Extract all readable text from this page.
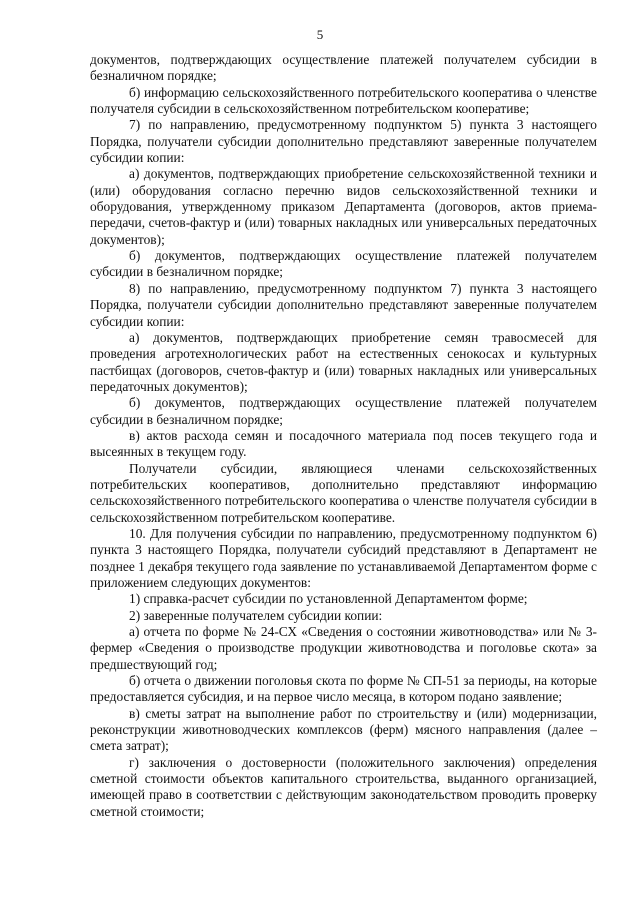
5

документов, подтверждающих осуществление платежей получателем субсидии в безналичном порядке;

б) информацию сельскохозяйственного потребительского кооператива о членстве получателя субсидии в сельскохозяйственном потребительском кооперативе;

7) по направлению, предусмотренному подпунктом 5) пункта 3 настоящего Порядка, получатели субсидии дополнительно представляют заверенные получателем субсидии копии:

а) документов, подтверждающих приобретение сельскохозяйственной техники и (или) оборудования согласно перечню видов сельскохозяйственной техники и оборудования, утвержденному приказом Департамента (договоров, актов приема-передачи, счетов-фактур и (или) товарных накладных или универсальных передаточных документов);

б) документов, подтверждающих осуществление платежей получателем субсидии в безналичном порядке;

8) по направлению, предусмотренному подпунктом 7) пункта 3 настоящего Порядка, получатели субсидии дополнительно представляют заверенные получателем субсидии копии:

а) документов, подтверждающих приобретение семян травосмесей для проведения агротехнологических работ на естественных сенокосах и культурных пастбищах (договоров, счетов-фактур и (или) товарных накладных или универсальных передаточных документов);

б) документов, подтверждающих осуществление платежей получателем субсидии в безналичном порядке;

в) актов расхода семян и посадочного материала под посев текущего года и высеянных в текущем году.

Получатели субсидии, являющиеся членами сельскохозяйственных потребительских кооперативов, дополнительно представляют информацию сельскохозяйственного потребительского кооператива о членстве получателя субсидии в сельскохозяйственном потребительском кооперативе.

10. Для получения субсидии по направлению, предусмотренному подпунктом 6) пункта 3 настоящего Порядка, получатели субсидий представляют в Департамент не позднее 1 декабря текущего года заявление по устанавливаемой Департаментом форме с приложением следующих документов:

1) справка-расчет субсидии по установленной Департаментом форме;

2) заверенные получателем субсидии копии:

а) отчета по форме № 24-СХ «Сведения о состоянии животноводства» или № 3-фермер «Сведения о производстве продукции животноводства и поголовье скота» за предшествующий год;

б) отчета о движении поголовья скота по форме № СП-51 за периоды, на которые предоставляется субсидия, и на первое число месяца, в котором подано заявление;

в) сметы затрат на выполнение работ по строительству и (или) модернизации, реконструкции животноводческих комплексов (ферм) мясного направления (далее – смета затрат);

г) заключения о достоверности (положительного заключения) определения сметной стоимости объектов капитального строительства, выданного организацией, имеющей право в соответствии с действующим законодательством проводить проверку сметной стоимости;
